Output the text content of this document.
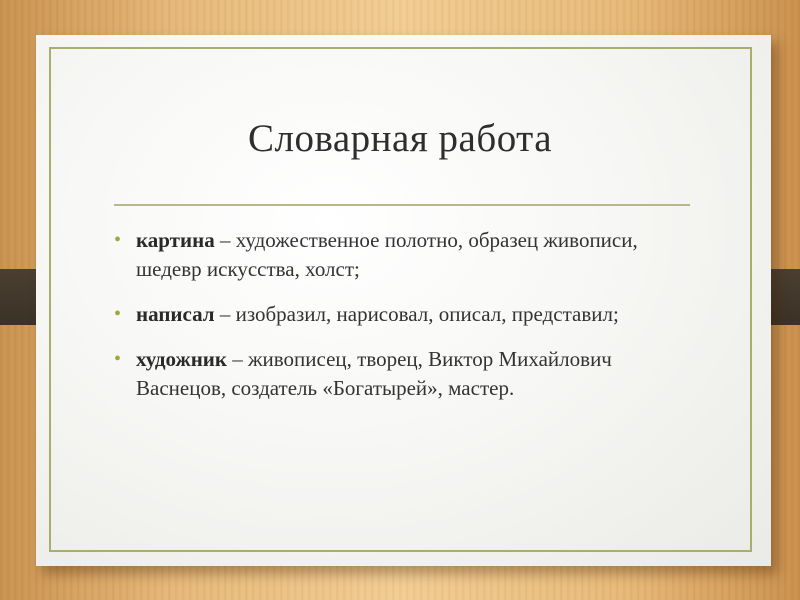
Словарная работа
• картина – художественное полотно, образец живописи, шедевр искусства, холст;
• написал – изобразил, нарисовал, описал, представил;
• художник – живописец, творец, Виктор Михайлович Васнецов, создатель «Богатырей», мастер.
